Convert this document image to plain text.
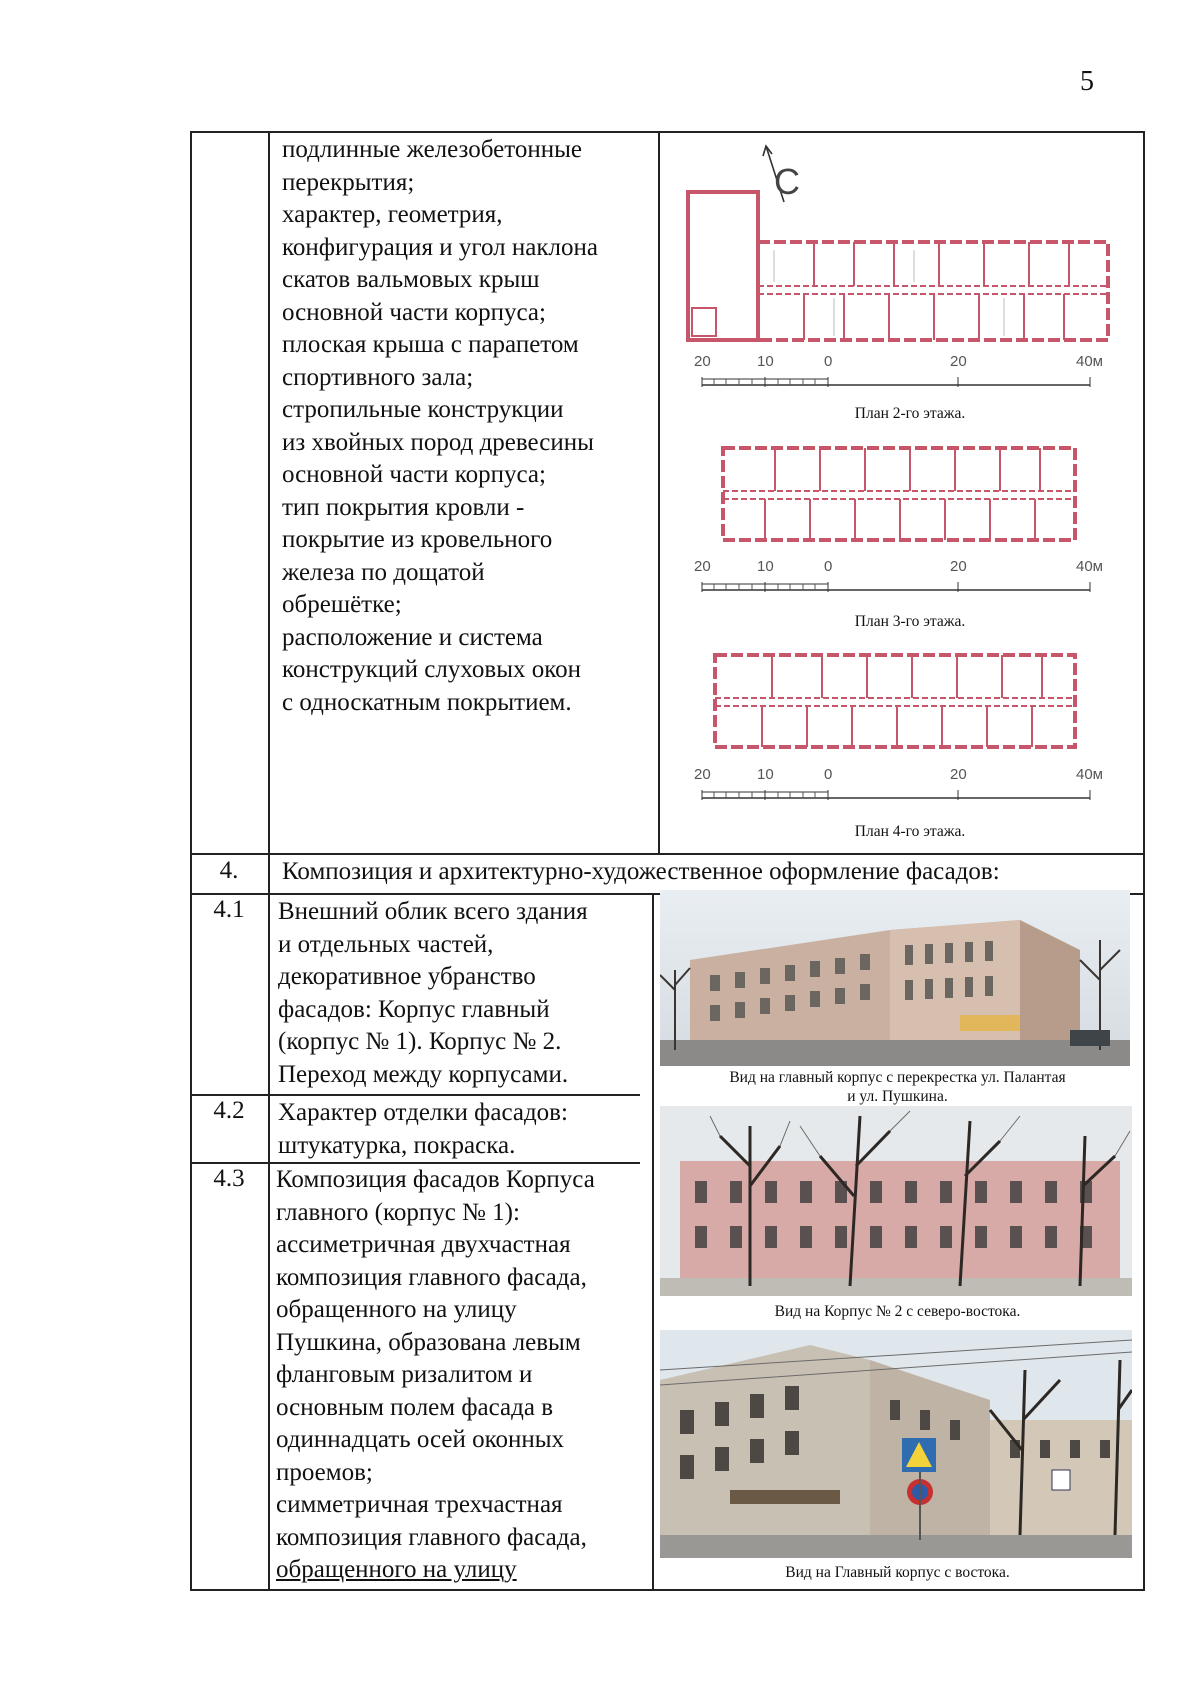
5
подлинные железобетонные
перекрытия;
характер, геометрия,
конфигурация и угол наклона
скатов вальмовых крыш
основной части корпуса;
плоская крыша с парапетом
спортивного зала;
стропильные конструкции
из хвойных пород древесины
основной части корпуса;
тип покрытия кровли -
покрытие из кровельного
железа по дощатой
обрешётке;
расположение и система
конструкций слуховых окон
с односкатным покрытием.
С
20	10	0	20	40м
План 2-го этажа.
20	10	0	20	40м
План 3-го этажа.
20	10	0	20	40м
План 4-го этажа.
4.	Композиция и архитектурно-художественное оформление фасадов:
4.1	Внешний облик всего здания
и отдельных частей,
декоративное убранство
фасадов: Корпус главный
(корпус № 1). Корпус № 2.
Переход между корпусами.
4.2	Характер отделки фасадов:
штукатурка, покраска.
4.3	Композиция фасадов Корпуса
главного (корпус № 1):
ассиметричная двухчастная
композиция главного фасада,
обращенного на улицу
Пушкина, образована левым
фланговым ризалитом и
основным полем фасада в
одиннадцать осей оконных
проемов;
симметричная трехчастная
композиция главного фасада,
обращенного на улицу
Вид на главный корпус с перекрестка ул. Палантая
и ул. Пушкина.
Вид на Корпус № 2 с северо-востока.
Вид на Главный корпус с востока.
